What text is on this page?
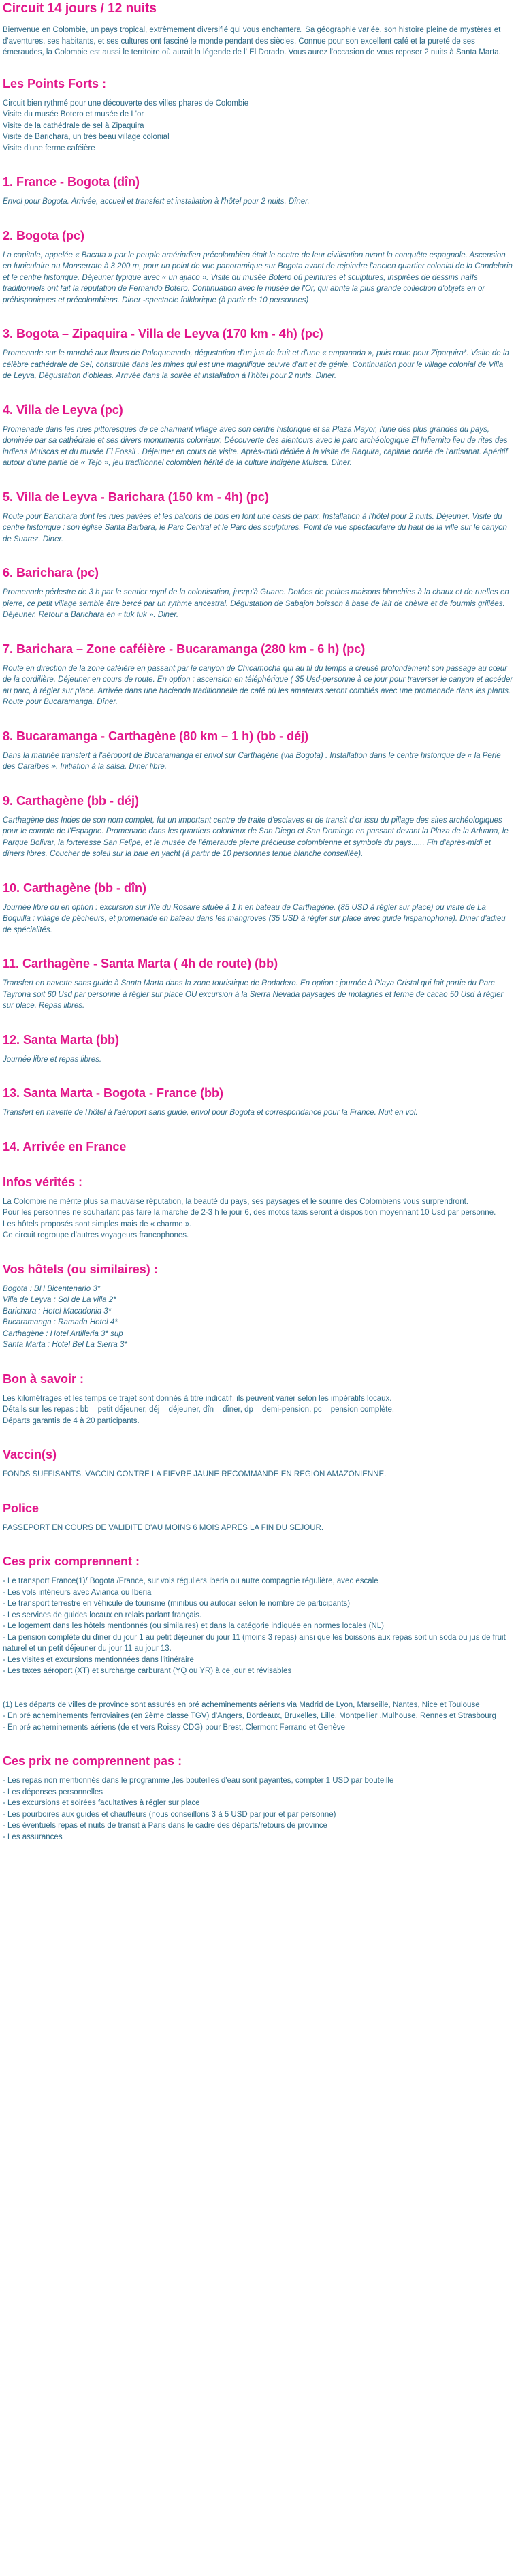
Circuit 14 jours / 12 nuits
Bienvenue en Colombie, un pays tropical, extrêmement diversifié qui vous enchantera. Sa géographie variée, son histoire pleine de mystères et d'aventures, ses habitants, et ses cultures ont fasciné le monde pendant des siècles. Connue pour son excellent café et la pureté de ses émeraudes, la Colombie est aussi le territoire où aurait la légende de l' El Dorado. Vous aurez l'occasion de vous reposer 2 nuits à Santa Marta.
Les Points Forts :
Circuit bien rythmé pour une découverte des villes phares de Colombie
Visite du musée Botero et musée de L'or
Visite de la cathédrale de sel à Zipaquira
Visite de Barichara, un très beau village colonial
Visite d'une ferme caféière
1. France - Bogota (dîn)

Envol pour Bogota. Arrivée, accueil et transfert et installation à l'hôtel pour 2 nuits. Dîner.

2. Bogota (pc)

La capitale, appelée « Bacata » par le peuple amérindien précolombien était le centre de leur civilisation avant la conquête espagnole. Ascension en funiculaire au Monserrate à 3 200 m, pour un point de vue panoramique sur Bogota avant de rejoindre l'ancien quartier colonial de la Candelaria et le centre historique. Déjeuner typique avec « un ajiaco ». Visite du musée Botero où peintures et sculptures, inspirées de dessins naïfs traditionnels ont fait la réputation de Fernando Botero. Continuation avec le musée de l'Or, qui abrite la plus grande collection d'objets en or préhispaniques et précolombiens. Diner -spectacle folklorique (à partir de 10 personnes)

3. Bogota – Zipaquira - Villa de Leyva (170 km - 4h) (pc)

Promenade sur le marché aux fleurs de Paloquemado, dégustation d'un jus de fruit et d'une « empanada », puis route pour Zipaquira*. Visite de la célèbre cathédrale de Sel, construite dans les mines qui est une magnifique œuvre d'art et de génie. Continuation pour le village colonial de Villa de Leyva, Dégustation d'obleas. Arrivée dans la soirée et installation à l'hôtel pour 2 nuits. Diner.

4. Villa de Leyva (pc)

Promenade dans les rues pittoresques de ce charmant village avec son centre historique et sa Plaza Mayor, l'une des plus grandes du pays, dominée par sa cathédrale et ses divers monuments coloniaux. Découverte des alentours avec le parc archéologique El Infiernito lieu de rites des indiens Muiscas et du musée El Fossil . Déjeuner en cours de visite. Après-midi dédiée à la visite de Raquira, capitale dorée de l'artisanat. Apéritif autour d'une partie de « Tejo », jeu traditionnel colombien hérité de la culture indigène Muisca. Diner.

5. Villa de Leyva - Barichara (150 km - 4h) (pc)

Route pour Barichara dont les rues pavées et les balcons de bois en font une oasis de paix. Installation à l'hôtel pour 2 nuits. Déjeuner. Visite du centre historique : son église Santa Barbara, le Parc Central et le Parc des sculptures. Point de vue spectaculaire du haut de la ville sur le canyon de Suarez. Diner.

6. Barichara (pc)

Promenade pédestre de 3 h par le sentier royal de la colonisation, jusqu'à Guane. Dotées de petites maisons blanchies à la chaux et de ruelles en pierre, ce petit village semble être bercé par un rythme ancestral. Dégustation de Sabajon boisson à base de lait de chèvre et de fourmis grillées. Déjeuner. Retour à Barichara en « tuk tuk ». Diner.

7. Barichara – Zone caféière - Bucaramanga (280 km - 6 h) (pc)

Route en direction de la zone caféière en passant par le canyon de Chicamocha qui au fil du temps a creusé profondément son passage au cœur de la cordillère. Déjeuner en cours de route. En option : ascension en téléphérique ( 35 Usd-personne à ce jour pour traverser le canyon et accéder au parc, à régler sur place. Arrivée dans une hacienda traditionnelle de café où les amateurs seront comblés avec une promenade dans les plants. Route pour Bucaramanga. Dîner.

8. Bucaramanga - Carthagène (80 km – 1 h) (bb - déj)

Dans la matinée transfert à l'aéroport de Bucaramanga et envol sur Carthagène (via Bogota) . Installation dans le centre historique de « la Perle des Caraïbes ». Initiation à la salsa. Diner libre.

9. Carthagène (bb - déj)

Carthagène des Indes de son nom complet, fut un important centre de traite d'esclaves et de transit d'or issu du pillage des sites archéologiques pour le compte de l'Espagne. Promenade dans les quartiers coloniaux de San Diego et San Domingo en passant devant la Plaza de la Aduana, le Parque Bolivar, la forteresse San Felipe, et le musée de l'émeraude pierre précieuse colombienne et symbole du pays...... Fin d'après-midi et dîners libres. Coucher de soleil sur la baie en yacht (à partir de 10 personnes tenue blanche conseillée).

10. Carthagène (bb - dîn)

Journée libre ou en option : excursion sur l'île du Rosaire située à 1 h en bateau de Carthagène. (85 USD à régler sur place) ou visite de La Boquilla : village de pêcheurs, et promenade en bateau dans les mangroves (35 USD à régler sur place avec guide hispanophone). Diner d'adieu de spécialités.

11. Carthagène - Santa Marta ( 4h de route) (bb)

Transfert en navette sans guide à Santa Marta dans la zone touristique de Rodadero. En option : journée à Playa Cristal qui fait partie du Parc Tayrona soit 60 Usd par personne à régler sur place OU excursion à la Sierra Nevada paysages de motagnes et ferme de cacao 50 Usd à régler sur place. Repas libres.

12. Santa Marta (bb)

Journée libre et repas libres.

13. Santa Marta - Bogota - France (bb)

Transfert en navette de l'hôtel à l'aéroport sans guide, envol pour Bogota et correspondance pour la France. Nuit en vol.

14. Arrivée en France
Infos vérités :
La Colombie ne mérite plus sa mauvaise réputation, la beauté du pays, ses paysages et le sourire des Colombiens vous surprendront.
Pour les personnes ne souhaitant pas faire la marche de 2-3 h le jour 6, des motos taxis seront à disposition moyennant 10 Usd par personne.
Les hôtels proposés sont simples mais de « charme ».
Ce circuit regroupe d'autres voyageurs francophones.
Vos hôtels (ou similaires) :
Bogota : BH Bicentenario 3*
Villa de Leyva : Sol de La villa 2*
Barichara : Hotel Macadonia 3*
Bucaramanga : Ramada Hotel 4*
Carthagène : Hotel Artilleria 3* sup
Santa Marta : Hotel Bel La Sierra 3*
Bon à savoir :
Les kilométrages et les temps de trajet sont donnés à titre indicatif, ils peuvent varier selon les impératifs locaux.
Détails sur les repas : bb = petit déjeuner, déj = déjeuner, dîn = dîner, dp = demi-pension, pc = pension complète.
Départs garantis de 4 à 20 participants.
Vaccin(s)
FONDS SUFFISANTS. VACCIN CONTRE LA FIEVRE JAUNE RECOMMANDE EN REGION AMAZONIENNE.
Police
PASSEPORT EN COURS DE VALIDITE D'AU MOINS 6 MOIS APRES LA FIN DU SEJOUR.
Ces prix comprennent :
- Le transport France(1)/ Bogota /France, sur vols réguliers Iberia ou autre compagnie régulière, avec escale
- Les vols intérieurs avec Avianca ou Iberia
- Le transport terrestre en véhicule de tourisme (minibus ou autocar selon le nombre de participants)
- Les services de guides locaux en relais parlant français.
- Le logement dans les hôtels mentionnés (ou similaires) et dans la catégorie indiquée en normes locales (NL)
- La pension complète du dîner du jour 1 au petit déjeuner du jour 11 (moins 3 repas) ainsi que les boissons aux repas soit un soda ou jus de fruit naturel et un petit déjeuner du jour 11 au jour 13.
- Les visites et excursions mentionnées dans l'itinéraire
- Les taxes aéroport (XT) et surcharge carburant (YQ ou YR) à ce jour et révisables
(1) Les départs de villes de province sont assurés en pré acheminements aériens via Madrid de Lyon, Marseille, Nantes, Nice et Toulouse
- En pré acheminements ferroviaires (en 2ème classe TGV) d'Angers, Bordeaux, Bruxelles, Lille, Montpellier ,Mulhouse, Rennes et Strasbourg
- En pré acheminements aériens (de et vers Roissy CDG) pour Brest, Clermont Ferrand et Genève
Ces prix ne comprennent pas :
- Les repas non mentionnés dans le programme ,les bouteilles d'eau sont payantes, compter 1 USD par bouteille
- Les dépenses personnelles
- Les excursions et soirées facultatives à régler sur place
- Les pourboires aux guides et chauffeurs (nous conseillons 3 à 5 USD par jour et par personne)
- Les éventuels repas et nuits de transit à Paris dans le cadre des départs/retours de province
- Les assurances
